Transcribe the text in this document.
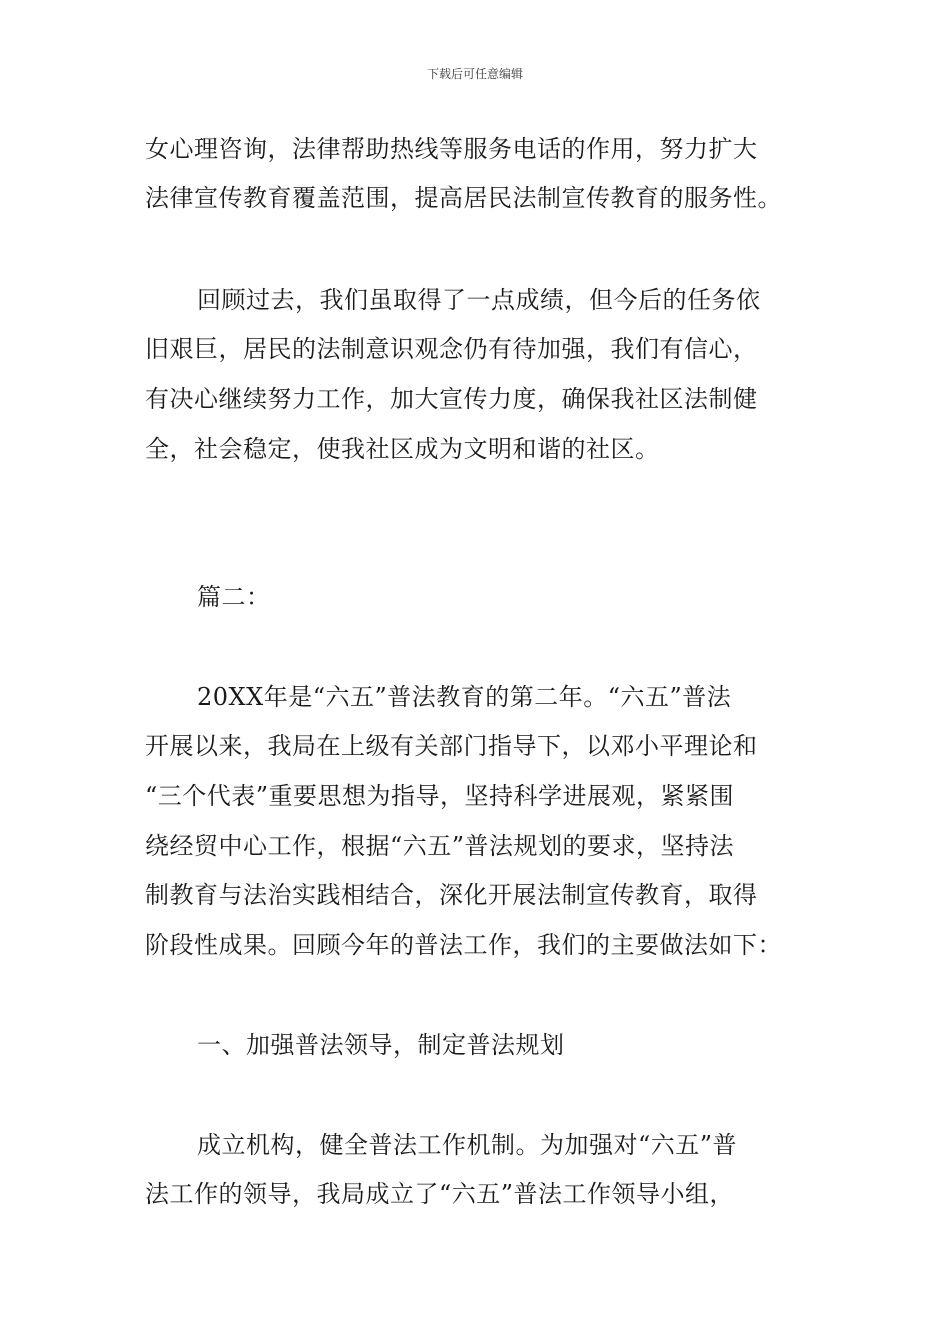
下载后可任意编辑
女心理咨询，法律帮助热线等服务电话的作用，努力扩大
法律宣传教育覆盖范围，提高居民法制宣传教育的服务性。
回顾过去，我们虽取得了一点成绩，但今后的任务依
旧艰巨，居民的法制意识观念仍有待加强，我们有信心，
有决心继续努力工作，加大宣传力度，确保我社区法制健
全，社会稳定，使我社区成为文明和谐的社区。
篇二：
20XX年是“六五”普法教育的第二年。“六五”普法
开展以来，我局在上级有关部门指导下，以邓小平理论和
“三个代表”重要思想为指导，坚持科学进展观，紧紧围
绕经贸中心工作，根据“六五”普法规划的要求，坚持法
制教育与法治实践相结合，深化开展法制宣传教育，取得
阶段性成果。回顾今年的普法工作，我们的主要做法如下：
一、加强普法领导，制定普法规划
成立机构，健全普法工作机制。为加强对“六五”普
法工作的领导，我局成立了“六五”普法工作领导小组，
